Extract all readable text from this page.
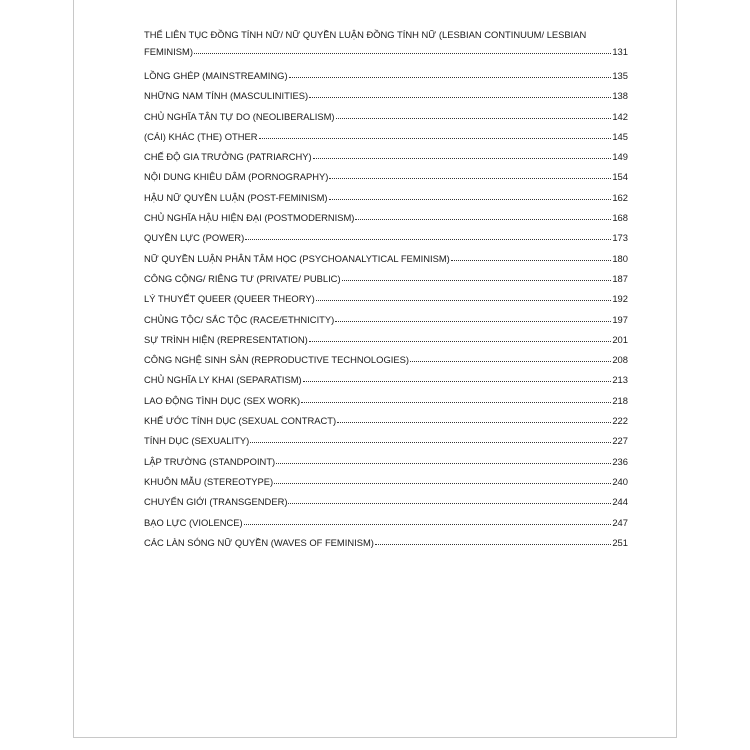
THỂ LIÊN TỤC ĐỒNG TÍNH NỮ/ NỮ QUYỀN LUẬN ĐỒNG TÍNH NỮ (LESBIAN CONTINUUM/ LESBIAN
FEMINISM)	131
LỒNG GHÉP (MAINSTREAMING)	135
NHỮNG NAM TÍNH (MASCULINITIES)	138
CHỦ NGHĨA TÂN TỰ DO (NEOLIBERALISM)	142
(CÁI) KHÁC (THE) OTHER	145
CHẾ ĐỘ GIA TRƯỞNG (PATRIARCHY)	149
NỘI DUNG KHIÊU DÂM (PORNOGRAPHY)	154
HẬU NỮ QUYỀN LUẬN (POST-FEMINISM)	162
CHỦ NGHĨA HẬU HIỆN ĐẠI (POSTMODERNISM)	168
QUYỀN LỰC (POWER)	173
NỮ QUYỀN LUẬN PHÂN TÂM HỌC (PSYCHOANALYTICAL FEMINISM)	180
CÔNG CỘNG/ RIÊNG TƯ (PRIVATE/ PUBLIC)	187
LÝ THUYẾT QUEER (QUEER THEORY)	192
CHỦNG TỘC/ SẮC TỘC (RACE/ETHNICITY)	197
SỰ TRÌNH HIỆN (REPRESENTATION)	201
CÔNG NGHỆ SINH SẢN (REPRODUCTIVE TECHNOLOGIES)	208
CHỦ NGHĨA LY KHAI (SEPARATISM)	213
LAO ĐỘNG TÌNH DỤC (SEX WORK)	218
KHẾ ƯỚC TÍNH DỤC (SEXUAL CONTRACT)	222
TÍNH DỤC (SEXUALITY)	227
LẬP TRƯỜNG (STANDPOINT)	236
KHUÔN MẪU (STEREOTYPE)	240
CHUYỂN GIỚI (TRANSGENDER)	244
BẠO LỰC (VIOLENCE)	247
CÁC LÀN SÓNG NỮ QUYỀN (WAVES OF FEMINISM)	251
